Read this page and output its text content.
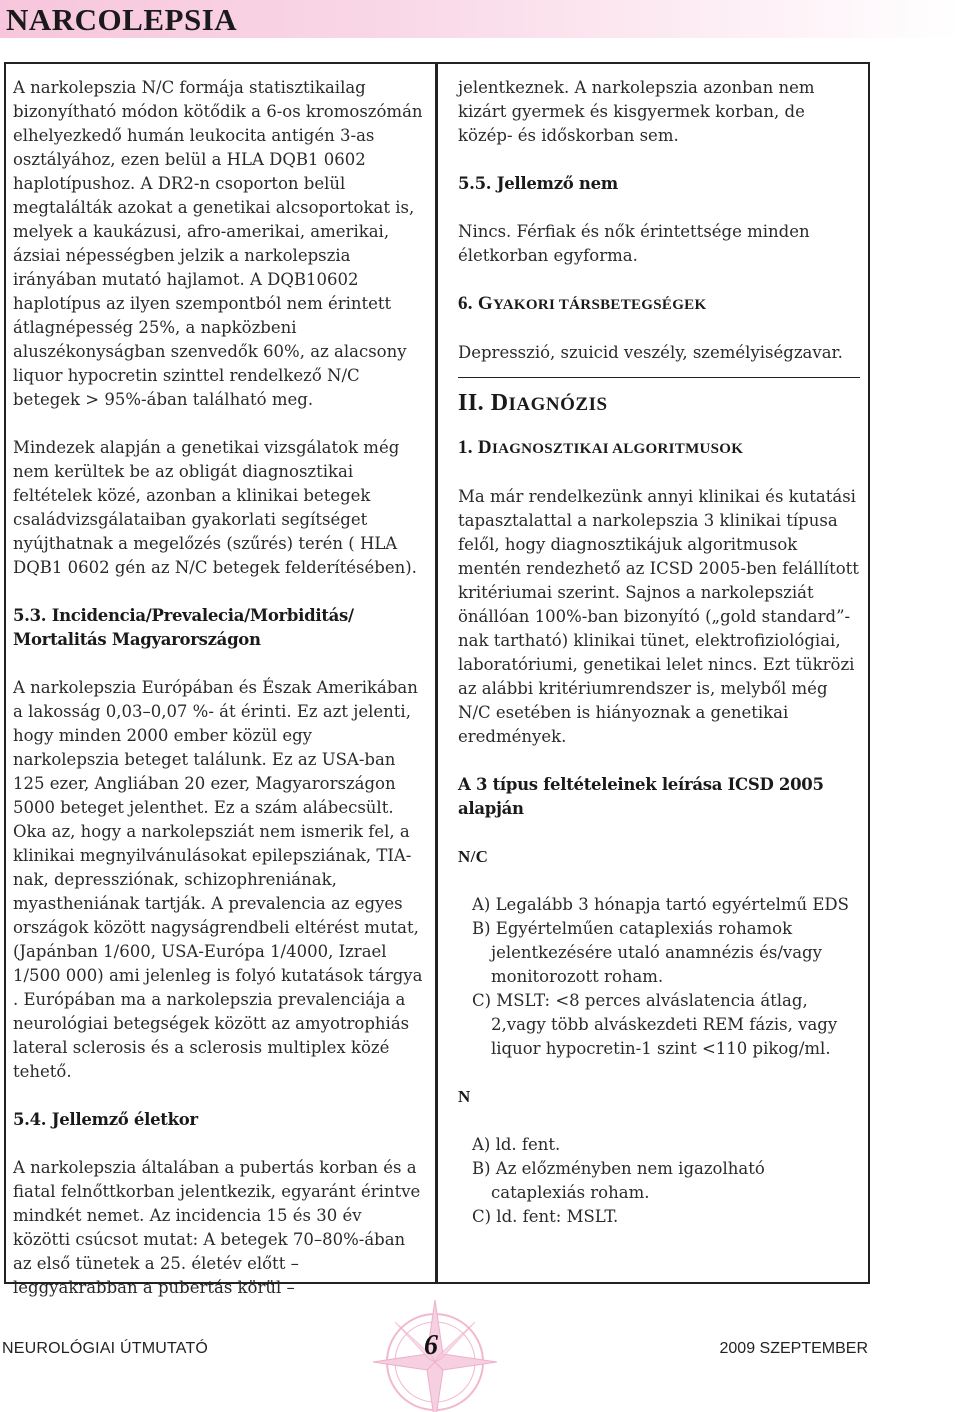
NARCOLEPSIA

A narkolepszia N/C formája statisztikailag bizonyítható módon kötődik a 6-os kromoszómán elhelyezkedő humán leukocita antigén 3-as osztályához, ezen belül a HLA DQB1 0602 haplotípushoz. A DR2-n csoporton belül megtalálták azokat a genetikai alcsoportokat is, melyek a kaukázusi, afro-amerikai, amerikai, ázsiai népességben jelzik a narkolepszia irányában mutató hajlamot. A DQB10602 haplotípus az ilyen szempontból nem érintett átlagnépesség 25%, a napközbeni aluszékonyságban szenvedők 60%, az alacsony liquor hypocretin szinttel rendelkező N/C betegek > 95%-ában található meg.

Mindezek alapján a genetikai vizsgálatok még nem kerültek be az obligát diagnosztikai feltételek közé, azonban a klinikai betegek családvizsgálataiban gyakorlati segítséget nyújthatnak a megelőzés (szűrés) terén ( HLA DQB1 0602 gén az N/C betegek felderítésében).

5.3. Incidencia/Prevalecia/Morbiditás/ Mortalitás Magyarországon

A narkolepszia Európában és Észak Amerikában a lakosság 0,03–0,07 %- át érinti. Ez azt jelenti, hogy minden 2000 ember közül egy narkolepszia beteget találunk. Ez az USA-ban 125 ezer, Angliában 20 ezer, Magyarországon 5000 beteget jelenthet. Ez a szám alábecsült. Oka az, hogy a narkolepsziát nem ismerik fel, a klinikai megnyilvánulásokat epilepsziának, TIA-nak, depressziónak, schizophreniának, myastheniának tartják. A prevalencia az egyes országok között nagyságrendbeli eltérést mutat, (Japánban 1/600, USA-Európa 1/4000, Izrael 1/500 000) ami jelenleg is folyó kutatások tárgya . Európában ma a narkolepszia prevalenciája a neurológiai betegségek között az amyotrophiás lateral sclerosis és a sclerosis multiplex közé tehető.

5.4. Jellemző életkor

A narkolepszia általában a pubertás korban és a fiatal felnőttkorban jelentkezik, egyaránt érintve mindkét nemet. Az incidencia 15 és 30 év közötti csúcsot mutat: A betegek 70–80%-ában az első tünetek a 25. életév előtt – leggyakrabban a pubertás körül –

jelentkeznek. A narkolepszia azonban nem kizárt gyermek és kisgyermek korban, de közép- és időskorban sem.

5.5. Jellemző nem

Nincs. Férfiak és nők érintettsége minden életkorban egyforma.

6. GYAKORI TÁRSBETEGSÉGEK

Depresszió, szuicid veszély, személyiségzavar.

II. DIAGNÓZIS

1. DIAGNOSZTIKAI ALGORITMUSOK

Ma már rendelkezünk annyi klinikai és kutatási tapasztalattal a narkolepszia 3 klinikai típusa felől, hogy diagnosztikájuk algoritmusok mentén rendezhető az ICSD 2005-ben felállított kritériumai szerint. Sajnos a narkolepsziát önállóan 100%-ban bizonyító („gold standard”-nak tartható) klinikai tünet, elektrofiziológiai, laboratóriumi, genetikai lelet nincs. Ezt tükrözi az alábbi kritériumrendszer is, melyből még N/C esetében is hiányoznak a genetikai eredmények.

A 3 típus feltételeinek leírása ICSD 2005 alapján

N/C

A) Legalább 3 hónapja tartó egyértelmű EDS

B) Egyértelműen cataplexiás rohamok jelentkezésére utaló anamnézis és/vagy monitorozott roham.

C) MSLT: <8 perces alváslatencia átlag, 2,vagy több alváskezdeti REM fázis, vagy liquor hypocretin-1 szint <110 pikog/ml.

N

A) ld. fent.

B) Az előzményben nem igazolható cataplexiás roham.

C) ld. fent: MSLT.

NEUROLÓGIAI ÚTMUTATÓ	6	2009 SZEPTEMBER
